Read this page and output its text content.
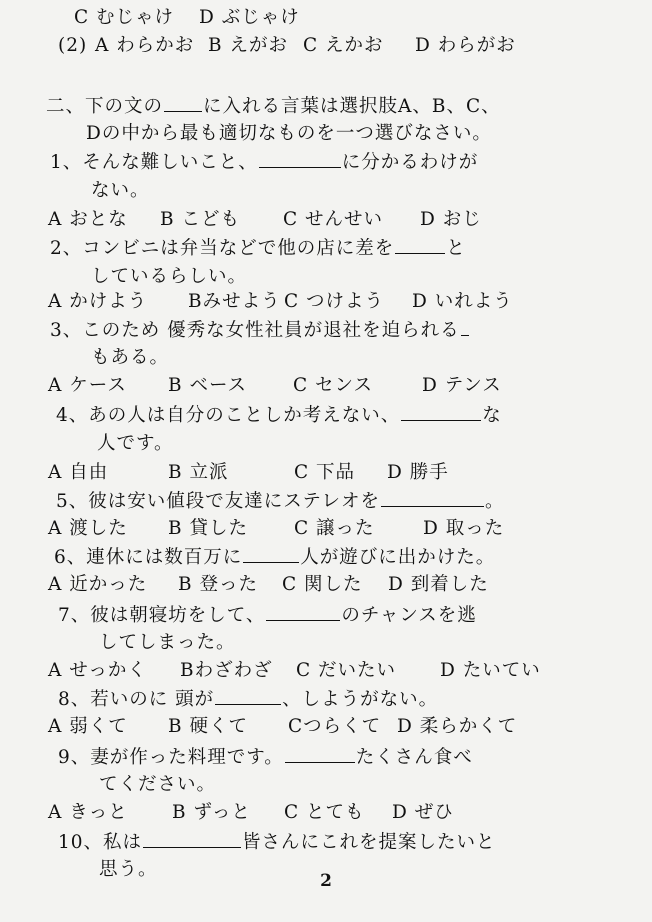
C むじゃけ D ぶじゃけ
(2) A わらかお B えがお C えかお D わらがお
二、下の文の に入れる言葉は選択肢A、B、C、
Dの中から最も適切なものを一つ選びなさい。
1、そんな難しいこと、	に分かるわけが
ない。
A おとな B こども C せんせい D おじ
2、コンビニは弁当などで他の店に差を	と
しているらしい。
A かけよう Bみせよう C つけよう D いれよう
3、このため 優秀な女性社員が退社を迫られる
もある。
A ケース B ベース C センス	D テンス
4、あの人は自分のことしか考えない、	な
人です。
A 自由	B 立派	C 下品 D 勝手
5、彼は安い値段で友達にステレオを	。
A 渡した B 貸した C 譲った	D 取った
6、連休には数百万に	人が遊びに出かけた。
A 近かった B 登った C 関した D 到着した
7、彼は朝寝坊をして、	のチャンスを逃
してしまった。
A せっかく Bわざわざ C だいたい D たいてい
8、若いのに 頭が	、しようがない。
A 弱くて B 硬くて Cつらくて D 柔らかくて
9、妻が作った料理です。	たくさん食べ
てください。
A きっと B ずっと C とても D ぜひ
10、私は	皆さんにこれを提案したいと
思う。
2
